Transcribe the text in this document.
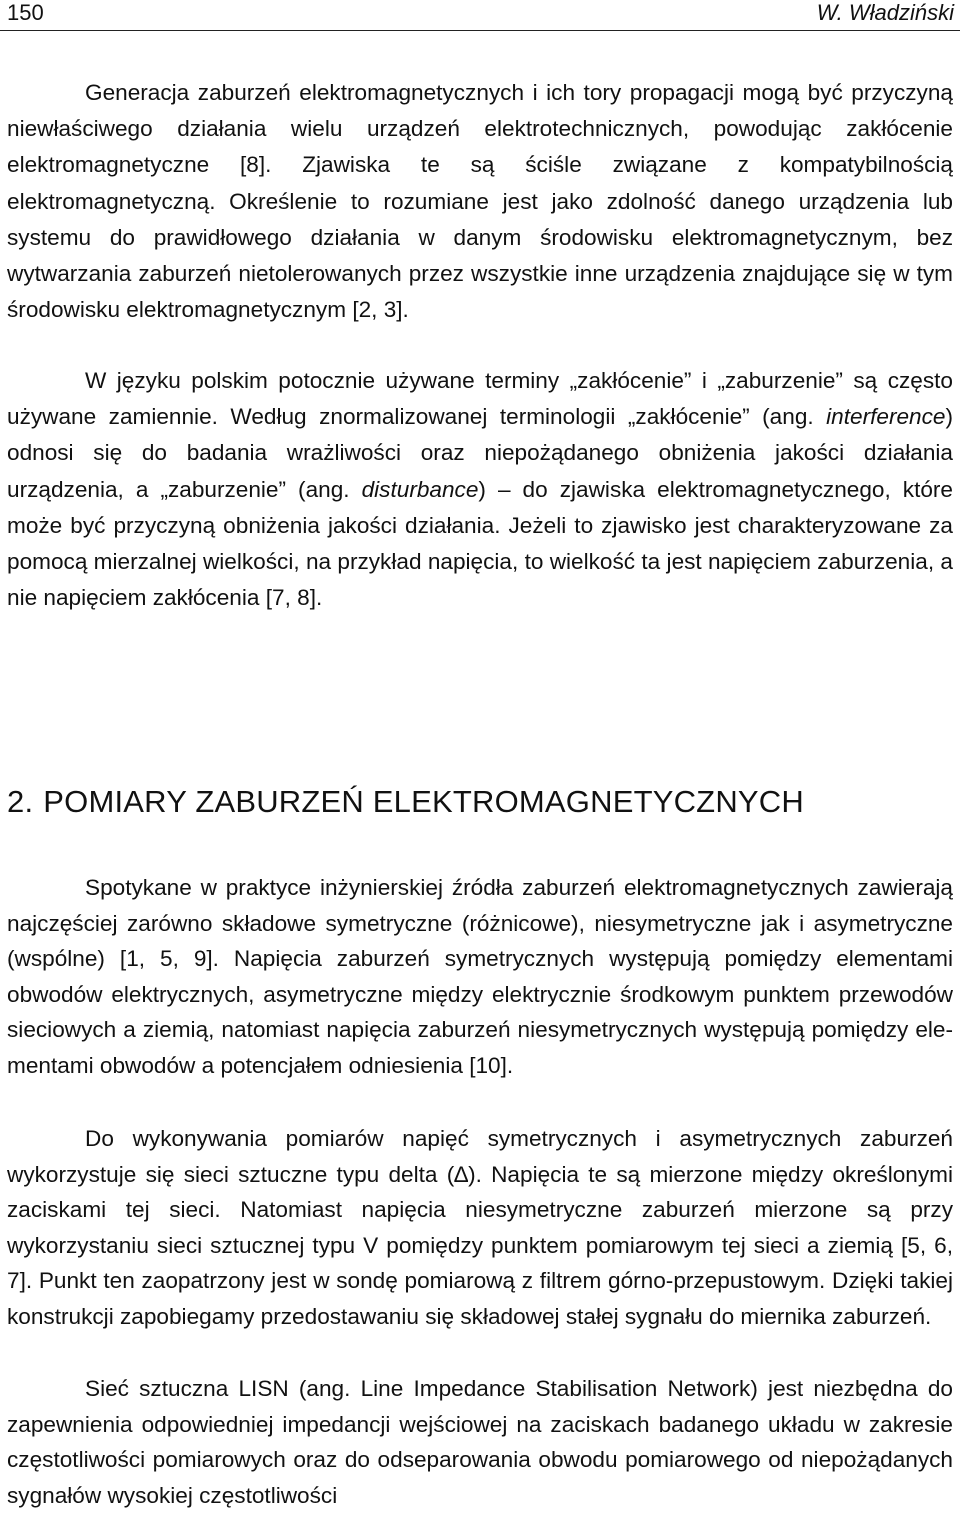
150	W. Władziński

Generacja zaburzeń elektromagnetycznych i ich tory propagacji mogą być przyczyną niewłaściwego działania wielu urządzeń elektrotechnicznych, powodując zakłócenie elektromagnetyczne [8]. Zjawiska te są ściśle związane z kompatybilnością elektromagnetyczną. Określenie to rozumiane jest jako zdolność danego urządzenia lub systemu do prawidłowego działania w danym środowisku elektromagnetycznym, bez wytwarzania zaburzeń nietolerowanych przez wszystkie inne urządzenia znajdujące się w tym środowisku elektromagnetycznym [2, 3].

W języku polskim potocznie używane terminy „zakłócenie” i „zaburzenie” są często używane zamiennie. Według znormalizowanej terminologii „zakłócenie” (ang. interference) odnosi się do badania wrażliwości oraz niepożądanego obniżenia jakości działania urządzenia, a „zaburzenie” (ang. disturbance) – do zjawiska elektromagnetycznego, które może być przyczyną obniżenia jakości działania. Jeżeli to zjawisko jest charakteryzowane za pomocą mierzalnej wielkości, na przykład napięcia, to wielkość ta jest napięciem zaburzenia, a nie napięciem zakłócenia [7, 8].

2. POMIARY ZABURZEŃ ELEKTROMAGNETYCZNYCH

Spotykane w praktyce inżynierskiej źródła zaburzeń elektromagnetycznych zawierają najczęściej zarówno składowe symetryczne (różnicowe), niesymetryczne jak i asymetryczne (wspólne) [1, 5, 9]. Napięcia zaburzeń symetrycznych występują pomiędzy elementami obwodów elektrycznych, asymetryczne między elektrycznie środkowym punktem przewodów sieciowych a ziemią, natomiast napięcia zaburzeń niesymetrycznych występują pomiędzy elementami obwodów a potencjałem odniesienia [10].

Do wykonywania pomiarów napięć symetrycznych i asymetrycznych zaburzeń wykorzystuje się sieci sztuczne typu delta (∆). Napięcia te są mierzone między określonymi zaciskami tej sieci. Natomiast napięcia niesymetryczne zaburzeń mierzone są przy wykorzystaniu sieci sztucznej typu V pomiędzy punktem pomiarowym tej sieci a ziemią [5, 6, 7]. Punkt ten zaopatrzony jest w sondę pomiarową z filtrem górno-przepustowym. Dzięki takiej konstrukcji zapobiegamy przedostawaniu się składowej stałej sygnału do miernika zaburzeń.

Sieć sztuczna LISN (ang. Line Impedance Stabilisation Network) jest niezbędna do zapewnienia odpowiedniej impedancji wejściowej na zaciskach badanego układu w zakresie częstotliwości pomiarowych oraz do odseparowania obwodu pomiarowego od niepożądanych sygnałów wysokiej częstotliwości
